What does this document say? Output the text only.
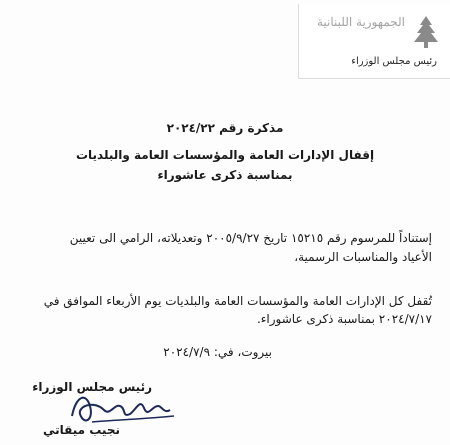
الجمهورية اللبنانية
رئيس مجلس الوزراء
مذكرة رقم ٢٠٢٤/٢٢
إقفال الإدارات العامة والمؤسسات العامة والبلديات
بمناسبة ذكرى عاشوراء
إستناداً للمرسوم رقم ١٥٢١٥ تاريخ ٢٠٠٥/٩/٢٧ وتعديلاته، الرامي الى تعيين
الأعياد والمناسبات الرسمية،
تُقفل كل الإدارات العامة والمؤسسات العامة والبلديات يوم الأربعاء الموافق في
٢٠٢٤/٧/١٧ بمناسبة ذكرى عاشوراء.
بيروت، في: ٢٠٢٤/٧/٩
رئيس مجلس الوزراء
نجيب ميقاتي
